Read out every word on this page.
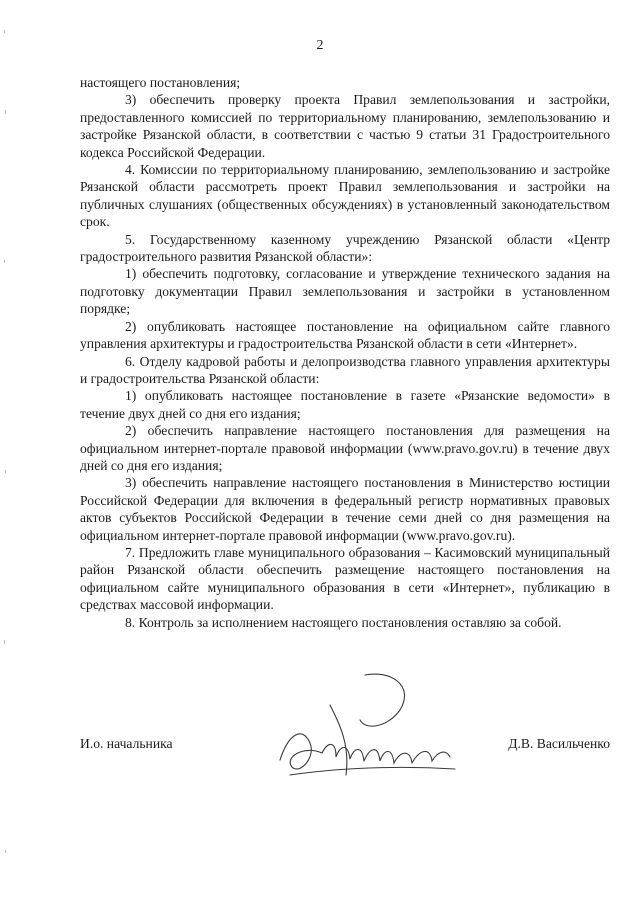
2

настоящего постановления;

3) обеспечить проверку проекта Правил землепользования и застройки, предоставленного комиссией по территориальному планированию, землепользованию и застройке Рязанской области, в соответствии с частью 9 статьи 31 Градостроительного кодекса Российской Федерации.

4. Комиссии по территориальному планированию, землепользованию и застройке Рязанской области рассмотреть проект Правил землепользования и застройки на публичных слушаниях (общественных обсуждениях) в установленный законодательством срок.

5. Государственному казенному учреждению Рязанской области «Центр градостроительного развития Рязанской области»:

1) обеспечить подготовку, согласование и утверждение технического задания на подготовку документации Правил землепользования и застройки в установленном порядке;

2) опубликовать настоящее постановление на официальном сайте главного управления архитектуры и градостроительства Рязанской области в сети «Интернет».

6. Отделу кадровой работы и делопроизводства главного управления архитектуры и градостроительства Рязанской области:

1) опубликовать настоящее постановление в газете «Рязанские ведомости» в течение двух дней со дня его издания;

2) обеспечить направление настоящего постановления для размещения на официальном интернет-портале правовой информации (www.pravo.gov.ru) в течение двух дней со дня его издания;

3) обеспечить направление настоящего постановления в Министерство юстиции Российской Федерации для включения в федеральный регистр нормативных правовых актов субъектов Российской Федерации в течение семи дней со дня размещения на официальном интернет-портале правовой информации (www.pravo.gov.ru).

7. Предложить главе муниципального образования – Касимовский муниципальный район Рязанской области обеспечить размещение настоящего постановления на официальном сайте муниципального образования в сети «Интернет», публикацию в средствах массовой информации.

8. Контроль за исполнением настоящего постановления оставляю за собой.

И.о. начальника	Д.В. Васильченко
